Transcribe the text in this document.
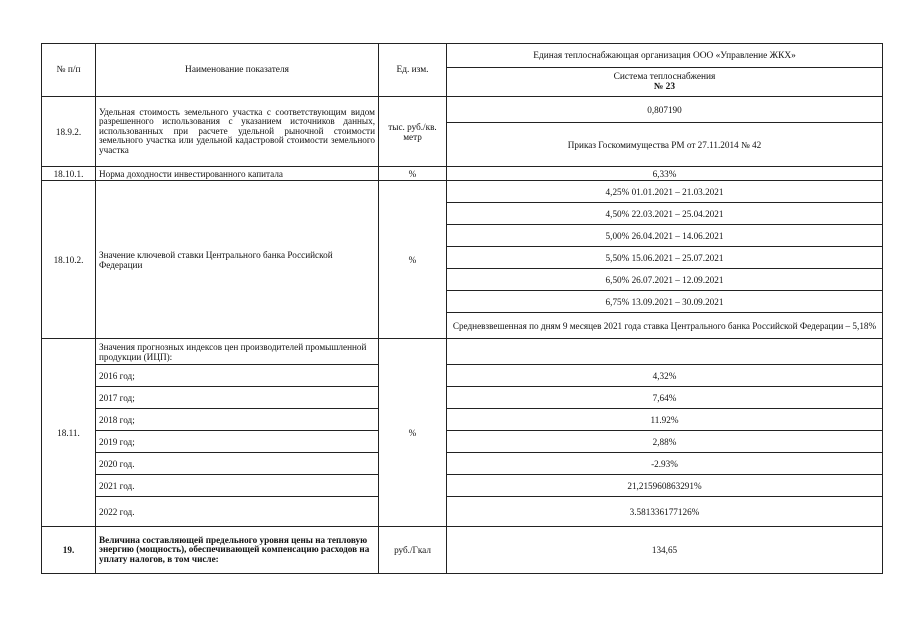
№ п/п	Наименование показателя	Ед. изм.	Единая теплоснабжающая организация ООО «Управление ЖКХ»

			Система теплоснабжения
№ 23

18.9.2.	Удельная стоимость земельного участка с соответствующим видом разрешенного использования с указанием источников данных, использованных при расчете удельной рыночной стоимости земельного участка или удельной кадастровой стоимости земельного участка	тыс. руб./кв. метр	0,807190
			Приказ Госкомимущества РМ от 27.11.2014 № 42
18.10.1.	Норма доходности инвестированного капитала	%	6,33%
18.10.2.	Значение ключевой ставки Центрального банка Российской Федерации	%	4,25% 01.01.2021 – 21.03.2021
			4,50% 22.03.2021 – 25.04.2021
			5,00% 26.04.2021 – 14.06.2021
			5,50% 15.06.2021 – 25.07.2021
			6,50% 26.07.2021 – 12.09.2021
			6,75% 13.09.2021 – 30.09.2021
			Средневзвешенная по дням 9 месяцев 2021 года ставка Центрального банка Российской Федерации – 5,18%
18.11.	Значения прогнозных индексов цен производителей промышленной продукции (ИЦП):	%	
	2016 год;		4,32%
	2017 год;		7,64%
	2018 год;		11.92%
	2019 год;		2,88%
	2020 год.		-2.93%
	2021 год.		21,215960863291%
	2022 год.		3.581336177126%
19.	Величина составляющей предельного уровня цены на тепловую энергию (мощность), обеспечивающей компенсацию расходов на уплату налогов, в том числе:	руб./Гкал	134,65
